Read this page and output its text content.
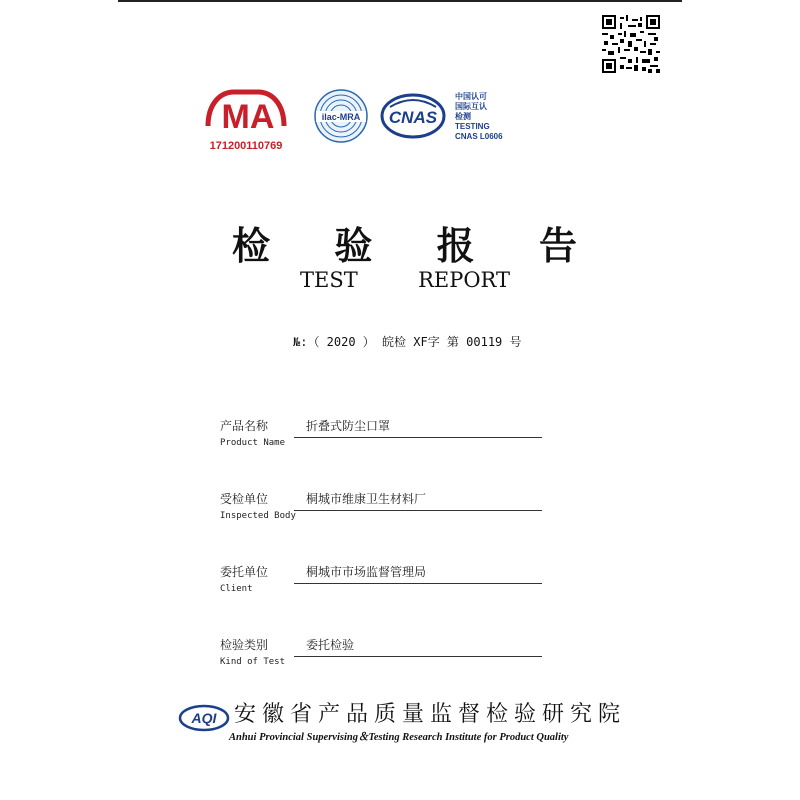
MA
171200110769
ilac-MRA CNAS
中国认可
国际互认
检测
TESTING
CNAS L0606
检 验 报 告
TEST	REPORT
№:（ 2020 ） 皖检 XF字 第 00119 号
产品名称
Product Name
折叠式防尘口罩
受检单位
Inspected Body
桐城市维康卫生材料厂
委托单位
Client
桐城市市场监督管理局
检验类别
Kind of Test
委托检验
AQI 安徽省产品质量监督检验研究院
Anhui Provincial Supervising＆Testing Research Institute for Product Quality
